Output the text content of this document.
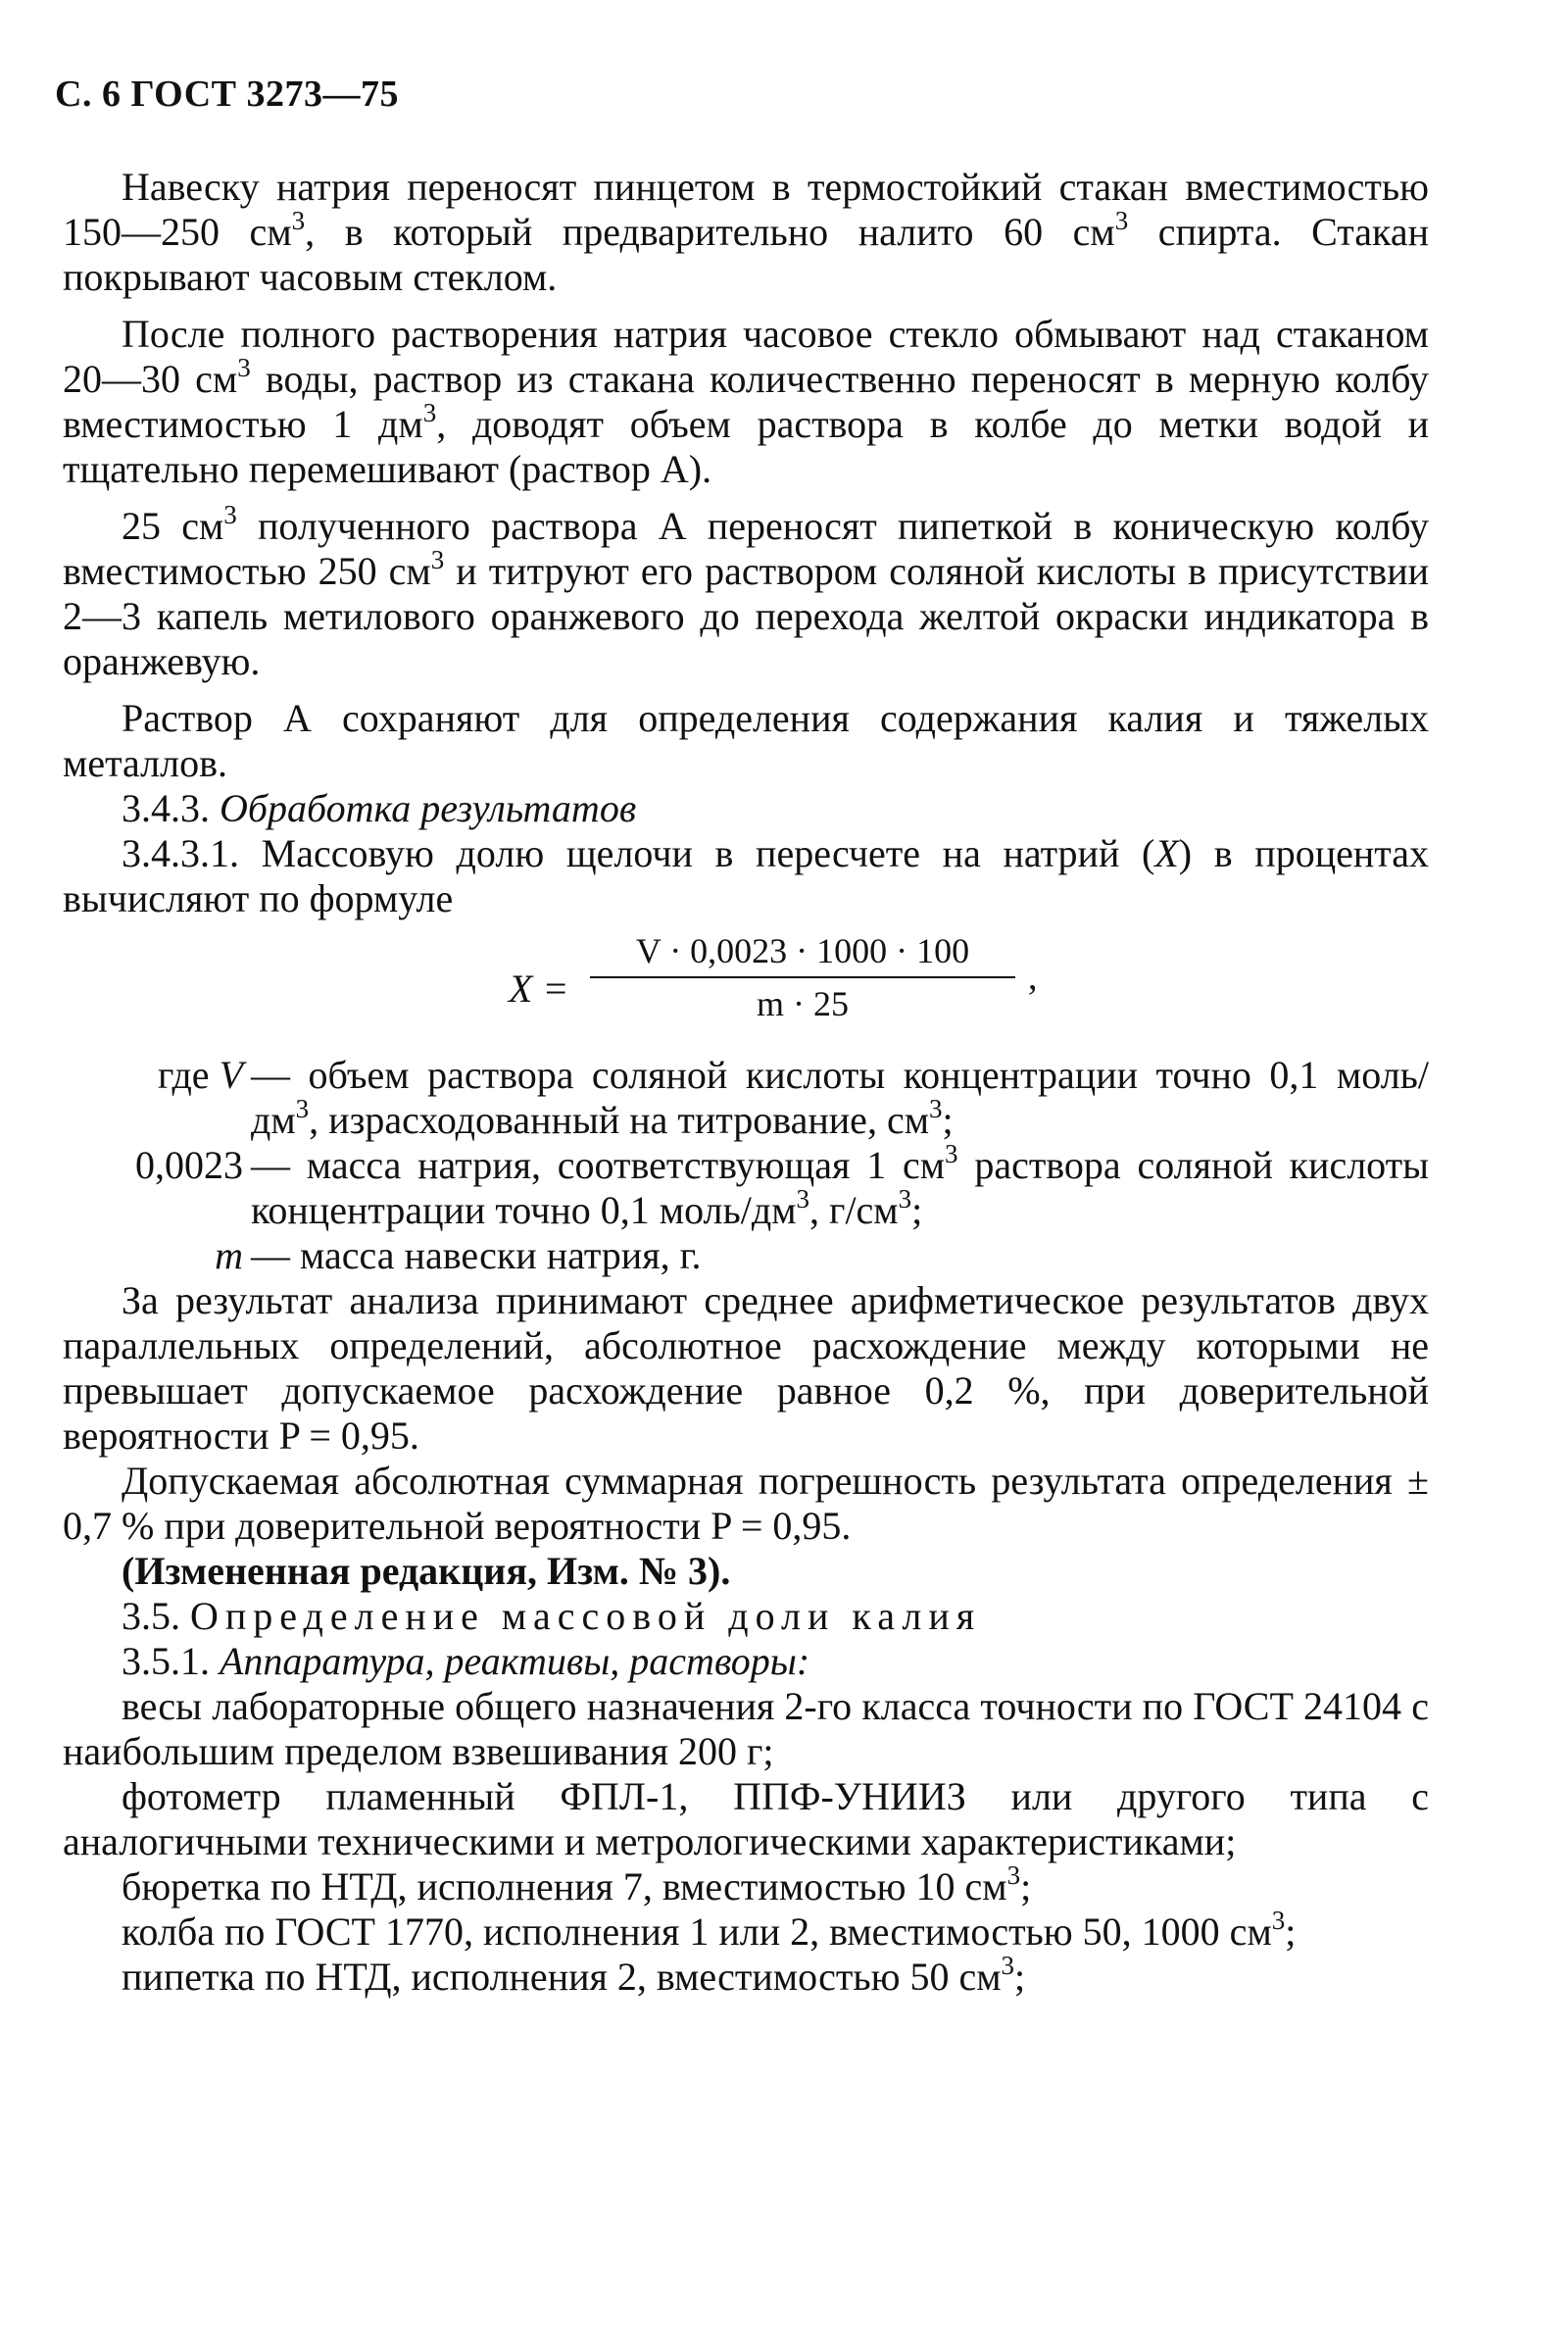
С. 6 ГОСТ 3273—75

Навеску натрия переносят пинцетом в термостойкий стакан вместимостью 150—250 $см^3$, в который предварительно налито 60 $см^3$ спирта. Стакан покрывают часовым стеклом.

После полного растворения натрия часовое стекло обмывают над стаканом 20—30 $см^3$ воды, раствор из стакана количественно переносят в мерную колбу вместимостью 1 $дм^3$, доводят объем раствора в колбе до метки водой и тщательно перемешивают (раствор А).

25 $см^3$ полученного раствора А переносят пипеткой в коническую колбу вместимостью 250 $см^3$ и титруют его раствором соляной кислоты в присутствии 2—3 капель метилового оранжевого до перехода желтой окраски индикатора в оранжевую.

Раствор А сохраняют для определения содержания калия и тяжелых металлов.

3.4.3. Обработка результатов

3.4.3.1. Массовую долю щелочи в пересчете на натрий (X) в процентах вычисляют по формуле

X =
V · 0,0023 · 1000 · 100
m · 25
,
где V — объем раствора соляной кислоты концентрации точно 0,1 моль/$дм^3$, израсходованный на титрование, $см^3$;
0,0023 — масса натрия, соответствующая 1 $см^3$ раствора соляной кислоты концентрации точно 0,1 моль/$дм^3$, $г/см^3$;
m — масса навески натрия, г.

За результат анализа принимают среднее арифметическое результатов двух параллельных определений, абсолютное расхождение между которыми не превышает допускаемое расхождение равное 0,2 %, при доверительной вероятности P = 0,95.

Допускаемая абсолютная суммарная погрешность результата определения ± 0,7 % при доверительной вероятности P = 0,95.

(Измененная редакция, Изм. № 3).

3.5. Определение массовой доли калия

3.5.1. Аппаратура, реактивы, растворы:

весы лабораторные общего назначения 2-го класса точности по ГОСТ 24104 с наибольшим пределом взвешивания 200 г;

фотометр пламенный ФПЛ-1, ППФ-УНИИЗ или другого типа с аналогичными техническими и метрологическими характеристиками;

бюретка по НТД, исполнения 7, вместимостью 10 $см^3$;

колба по ГОСТ 1770, исполнения 1 или 2, вместимостью 50, 1000 $см^3$;

пипетка по НТД, исполнения 2, вместимостью 50 $см^3$;
